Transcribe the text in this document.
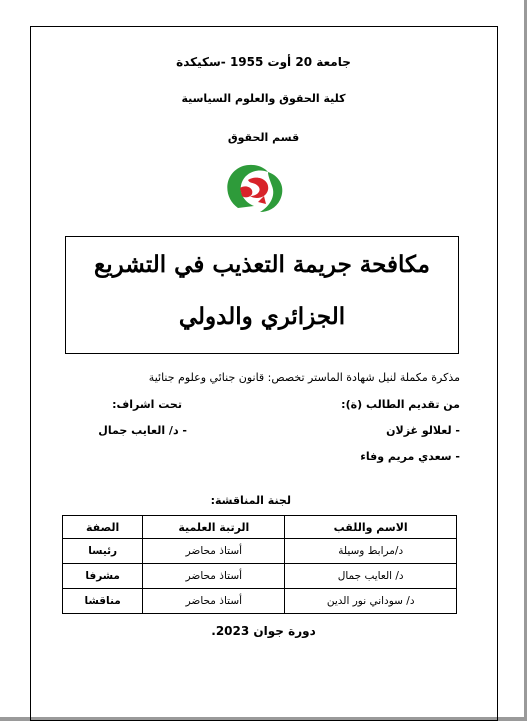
جامعة 20 أوت 1955 -سكيكدة
كلية الحقوق والعلوم السياسية
قسم الحقوق
مكافحة جريمة التعذيب في التشريع
الجزائري والدولي
مذكرة مكملة لنيل شهادة الماستر تخصص: قانون جنائي وعلوم جنائية
من تقديم الطالب (ة):
- لعلالو غزلان
- سعدي مريم وفاء
تحت اشراف:
- د/ العايب جمال
لجنة المناقشة:
الاسم واللقب	الرتبة العلمية	الصفة
د/مرابط وسيلة	أستاذ محاضر	رئيسا
د/ العايب جمال	أستاذ محاضر	مشرفا
د/ سوداني نور الدين	أستاذ محاضر	مناقشا
دورة جوان 2023.
